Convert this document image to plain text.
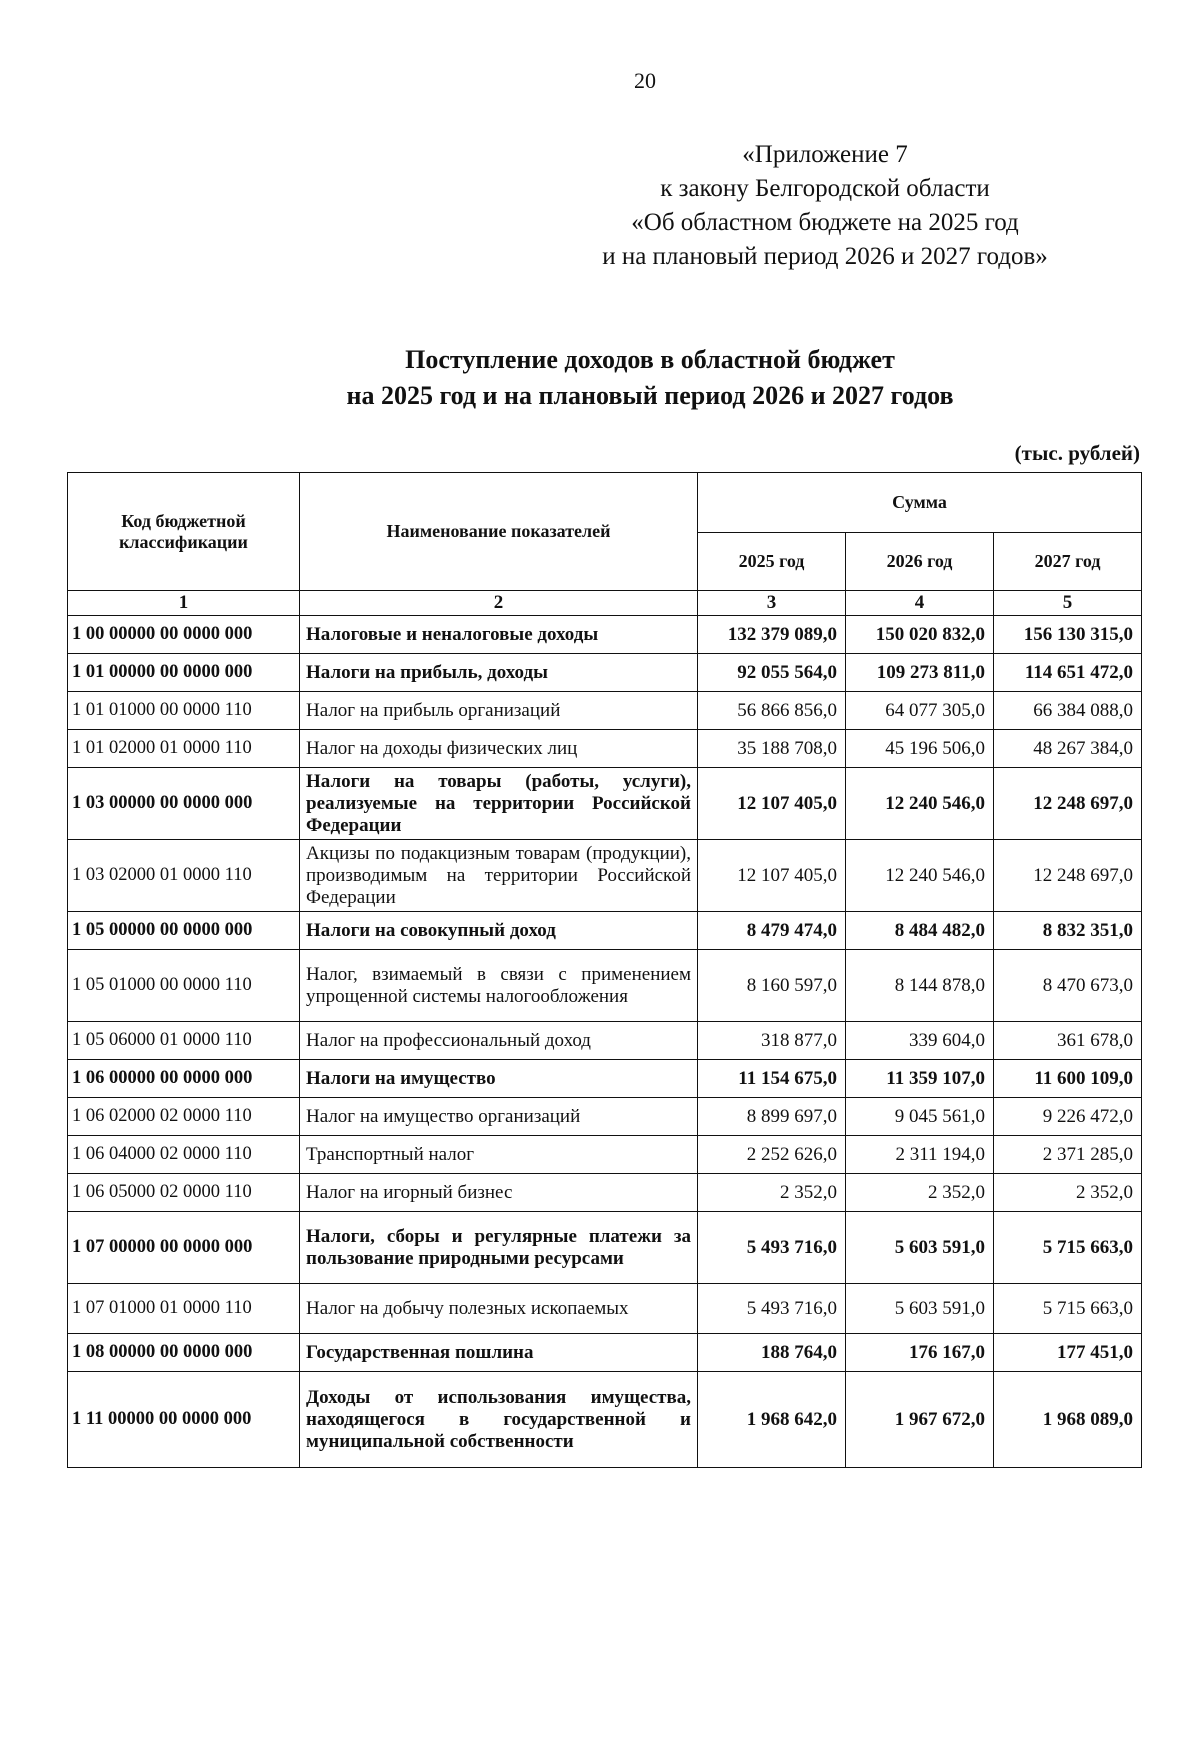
20
«Приложение 7
к закону Белгородской области
«Об областном бюджете на 2025 год
и на плановый период 2026 и 2027 годов»
Поступление доходов в областной бюджет
на 2025 год и на плановый период 2026 и 2027 годов
(тыс. рублей)
Код бюджетной классификации	Наименование показателей	Сумма		
		2025 год	2026 год	2027 год
1	2	3	4	5
1 00 00000 00 0000 000	Налоговые и неналоговые доходы	132 379 089,0	150 020 832,0	156 130 315,0
1 01 00000 00 0000 000	Налоги на прибыль, доходы	92 055 564,0	109 273 811,0	114 651 472,0
1 01 01000 00 0000 110	Налог на прибыль организаций	56 866 856,0	64 077 305,0	66 384 088,0
1 01 02000 01 0000 110	Налог на доходы физических лиц	35 188 708,0	45 196 506,0	48 267 384,0
1 03 00000 00 0000 000	Налоги на товары (работы, услуги), реализуемые на территории Российской Федерации	12 107 405,0	12 240 546,0	12 248 697,0
1 03 02000 01 0000 110	Акцизы по подакцизным товарам (продукции), производимым на территории Российской Федерации	12 107 405,0	12 240 546,0	12 248 697,0
1 05 00000 00 0000 000	Налоги на совокупный доход	8 479 474,0	8 484 482,0	8 832 351,0
1 05 01000 00 0000 110	Налог, взимаемый в связи с применением упрощенной системы налогообложения	8 160 597,0	8 144 878,0	8 470 673,0
1 05 06000 01 0000 110	Налог на профессиональный доход	318 877,0	339 604,0	361 678,0
1 06 00000 00 0000 000	Налоги на имущество	11 154 675,0	11 359 107,0	11 600 109,0
1 06 02000 02 0000 110	Налог на имущество организаций	8 899 697,0	9 045 561,0	9 226 472,0
1 06 04000 02 0000 110	Транспортный налог	2 252 626,0	2 311 194,0	2 371 285,0
1 06 05000 02 0000 110	Налог на игорный бизнес	2 352,0	2 352,0	2 352,0
1 07 00000 00 0000 000	Налоги, сборы и регулярные платежи за пользование природными ресурсами	5 493 716,0	5 603 591,0	5 715 663,0
1 07 01000 01 0000 110	Налог на добычу полезных ископаемых	5 493 716,0	5 603 591,0	5 715 663,0
1 08 00000 00 0000 000	Государственная пошлина	188 764,0	176 167,0	177 451,0
1 11 00000 00 0000 000	Доходы от использования имущества, находящегося в государственной и муниципальной собственности	1 968 642,0	1 967 672,0	1 968 089,0
